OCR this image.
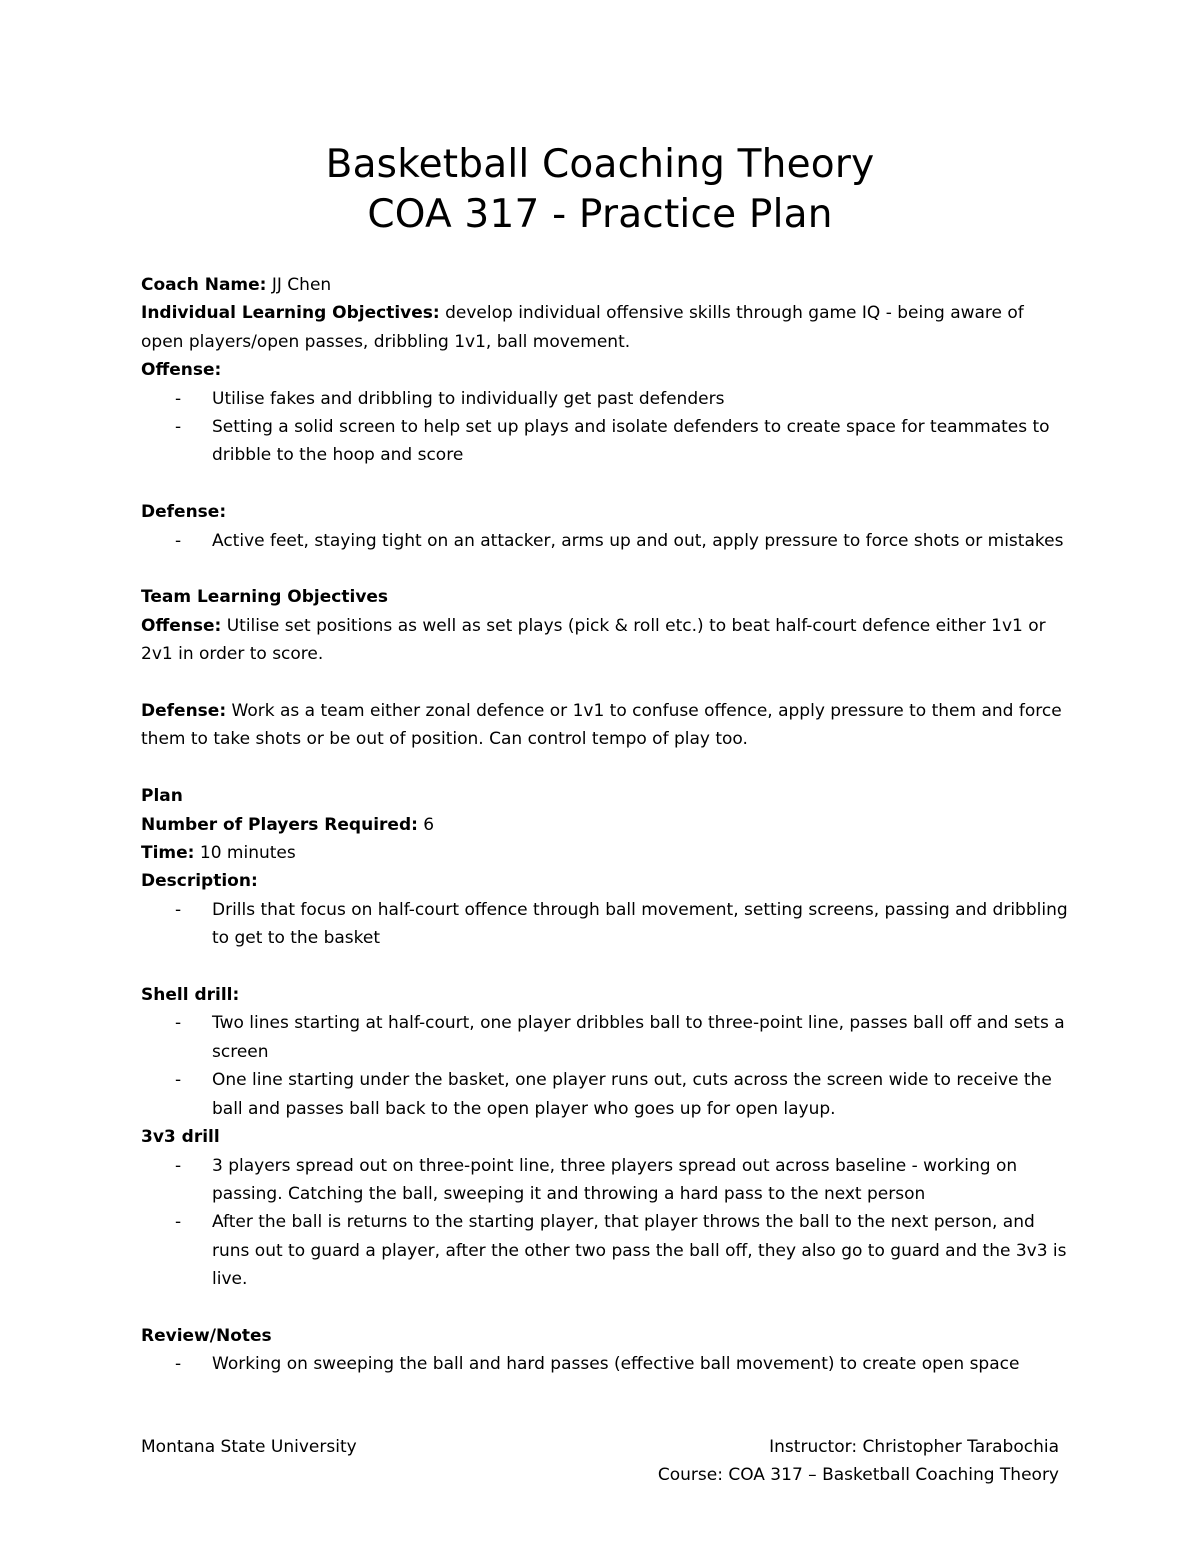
Basketball Coaching Theory
COA 317 - Practice Plan

Coach Name: JJ Chen

Individual Learning Objectives: develop individual offensive skills through game IQ - being aware of open players/open passes, dribbling 1v1, ball movement.

Offense:

- Utilise fakes and dribbling to individually get past defenders
- Setting a solid screen to help set up plays and isolate defenders to create space for teammates to dribble to the hoop and score

Defense:

- Active feet, staying tight on an attacker, arms up and out, apply pressure to force shots or mistakes

Team Learning Objectives

Offense: Utilise set positions as well as set plays (pick & roll etc.) to beat half-court defence either 1v1 or 2v1 in order to score.

Defense: Work as a team either zonal defence or 1v1 to confuse offence, apply pressure to them and force them to take shots or be out of position. Can control tempo of play too.

Plan

Number of Players Required: 6

Time: 10 minutes

Description:

- Drills that focus on half-court offence through ball movement, setting screens, passing and dribbling to get to the basket

Shell drill:

- Two lines starting at half-court, one player dribbles ball to three-point line, passes ball off and sets a screen
- One line starting under the basket, one player runs out, cuts across the screen wide to receive the ball and passes ball back to the open player who goes up for open layup.

3v3 drill

- 3 players spread out on three-point line, three players spread out across baseline - working on passing. Catching the ball, sweeping it and throwing a hard pass to the next person
- After the ball is returns to the starting player, that player throws the ball to the next person, and runs out to guard a player, after the other two pass the ball off, they also go to guard and the 3v3 is live.

Review/Notes

- Working on sweeping the ball and hard passes (effective ball movement) to create open space
Montana State University	Instructor: Christopher Tarabochia
Course: COA 317 – Basketball Coaching Theory
